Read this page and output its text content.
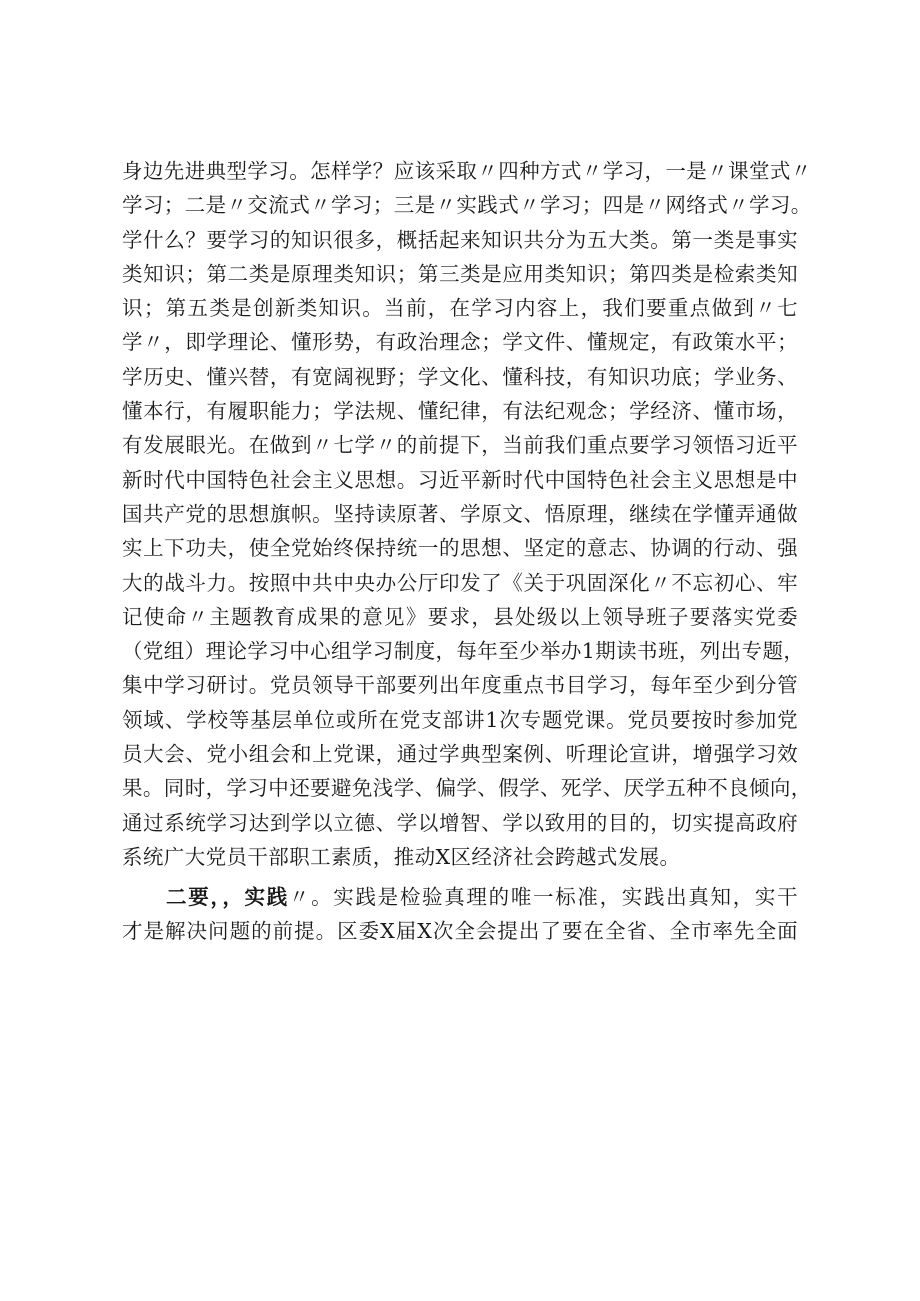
身边先进典型学习。怎样学？应该采取〃四种方式〃学习，一是〃课堂式〃
学习；二是〃交流式〃学习；三是〃实践式〃学习；四是〃网络式〃学习。
学什么？要学习的知识很多，概括起来知识共分为五大类。第一类是事实
类知识；第二类是原理类知识；第三类是应用类知识；第四类是检索类知
识；第五类是创新类知识。当前，在学习内容上，我们要重点做到〃七
学〃，即学理论、懂形势，有政治理念；学文件、懂规定，有政策水平；
学历史、懂兴替，有宽阔视野；学文化、懂科技，有知识功底；学业务、
懂本行，有履职能力；学法规、懂纪律，有法纪观念；学经济、懂市场，
有发展眼光。在做到〃七学〃的前提下，当前我们重点要学习领悟习近平
新时代中国特色社会主义思想。习近平新时代中国特色社会主义思想是中
国共产党的思想旗帜。坚持读原著、学原文、悟原理，继续在学懂弄通做
实上下功夫，使全党始终保持统一的思想、坚定的意志、协调的行动、强
大的战斗力。按照中共中央办公厅印发了《关于巩固深化〃不忘初心、牢
记使命〃主题教育成果的意见》要求，县处级以上领导班子要落实党委
（党组）理论学习中心组学习制度，每年至少举办1期读书班，列出专题，
集中学习研讨。党员领导干部要列出年度重点书目学习，每年至少到分管
领域、学校等基层单位或所在党支部讲1次专题党课。党员要按时参加党
员大会、党小组会和上党课，通过学典型案例、听理论宣讲，增强学习效
果。同时，学习中还要避免浅学、偏学、假学、死学、厌学五种不良倾向，
通过系统学习达到学以立德、学以增智、学以致用的目的，切实提高政府
系统广大党员干部职工素质，推动X区经济社会跨越式发展。
二要，，实践〃。实践是检验真理的唯一标准，实践出真知，实干
才是解决问题的前提。区委X届X次全会提出了要在全省、全市率先全面
